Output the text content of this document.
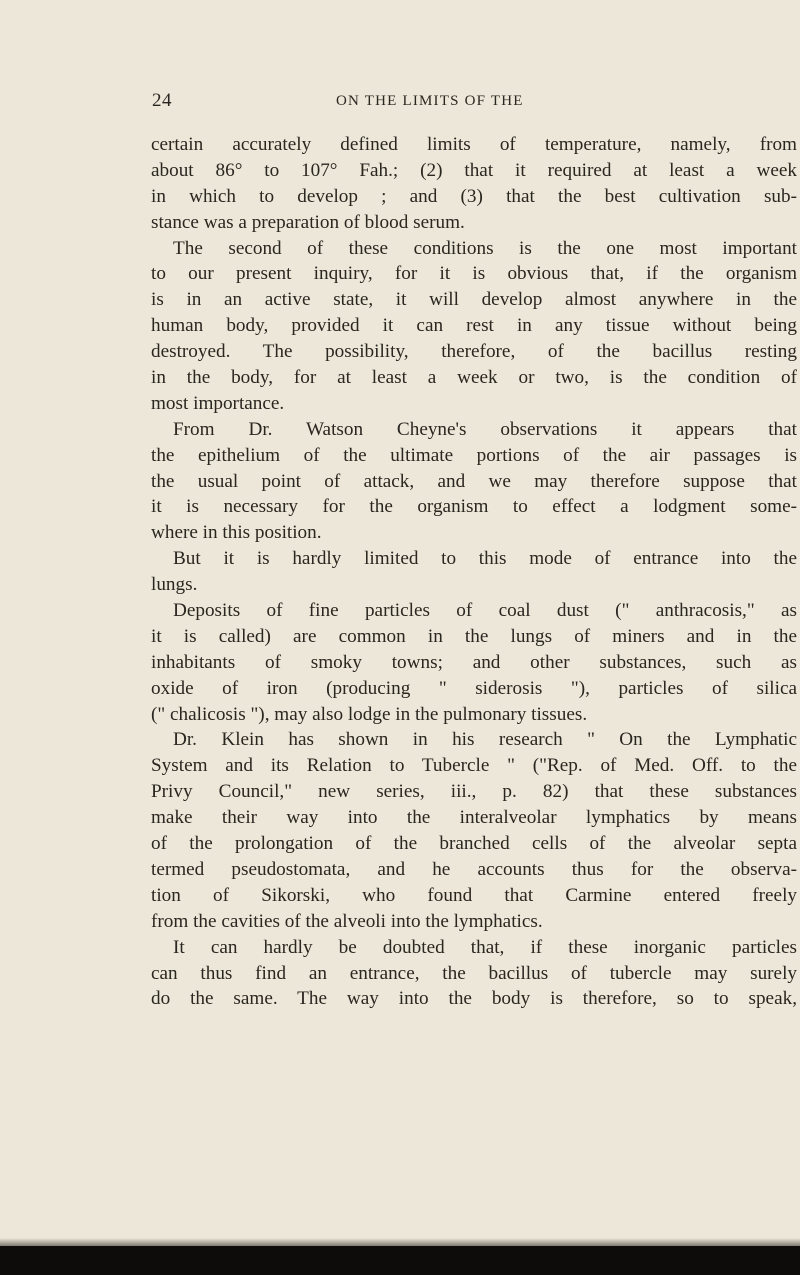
24	ON THE LIMITS OF THE
certain accurately defined limits of temperature, namely, from
about 86° to 107° Fah.; (2) that it required at least a week
in which to develop ; and (3) that the best cultivation sub-
stance was a preparation of blood serum.
The second of these conditions is the one most important
to our present inquiry, for it is obvious that, if the organism
is in an active state, it will develop almost anywhere in the
human body, provided it can rest in any tissue without being
destroyed. The possibility, therefore, of the bacillus resting
in the body, for at least a week or two, is the condition of
most importance.
From Dr. Watson Cheyne's observations it appears that
the epithelium of the ultimate portions of the air passages is
the usual point of attack, and we may therefore suppose that
it is necessary for the organism to effect a lodgment some-
where in this position.
But it is hardly limited to this mode of entrance into the
lungs.
Deposits of fine particles of coal dust (" anthracosis," as
it is called) are common in the lungs of miners and in the
inhabitants of smoky towns; and other substances, such as
oxide of iron (producing " siderosis "), particles of silica
(" chalicosis "), may also lodge in the pulmonary tissues.
Dr. Klein has shown in his research " On the Lymphatic
System and its Relation to Tubercle " ("Rep. of Med. Off. to the
Privy Council," new series, iii., p. 82) that these substances
make their way into the interalveolar lymphatics by means
of the prolongation of the branched cells of the alveolar septa
termed pseudostomata, and he accounts thus for the observa-
tion of Sikorski, who found that Carmine entered freely
from the cavities of the alveoli into the lymphatics.
It can hardly be doubted that, if these inorganic particles
can thus find an entrance, the bacillus of tubercle may surely
do the same. The way into the body is therefore, so to speak,
